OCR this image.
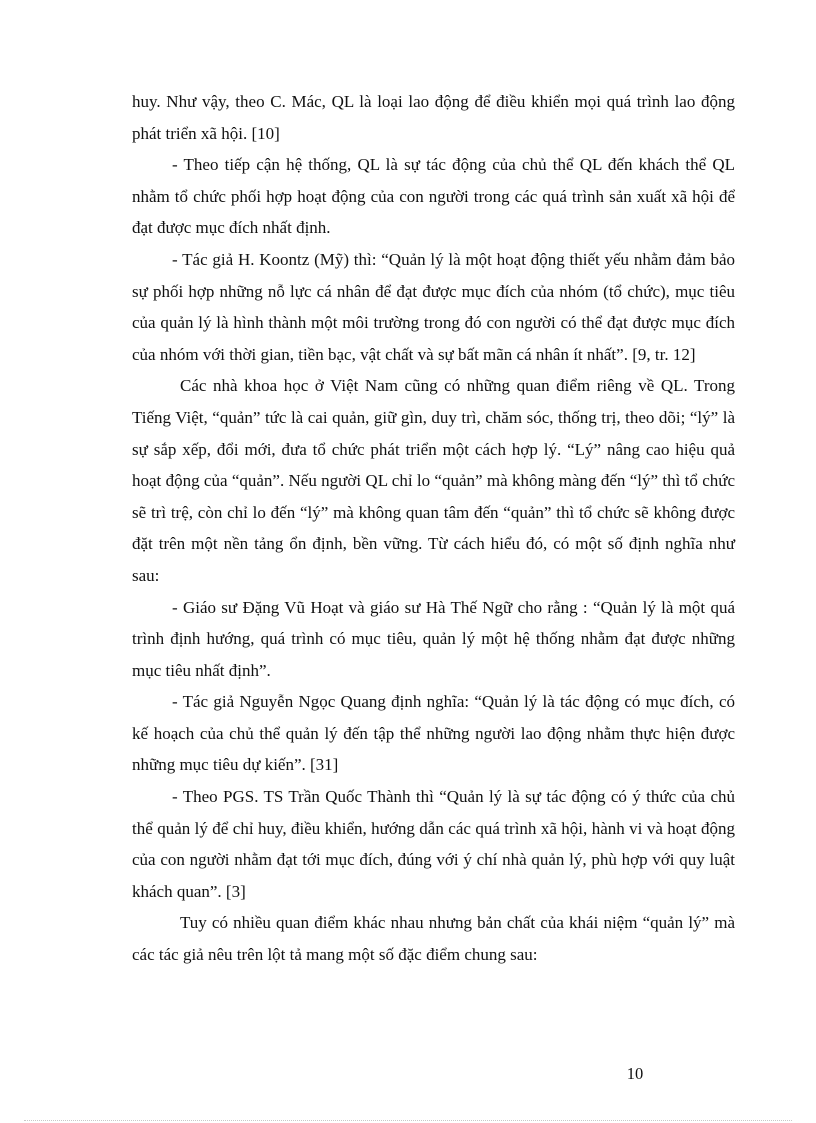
huy. Như vậy, theo C. Mác, QL là loại lao động để điều khiển mọi quá trình lao động phát triển xã hội. [10]

- Theo tiếp cận hệ thống, QL là sự tác động của chủ thể QL đến khách thể QL nhằm tổ chức phối hợp hoạt động của con người trong các quá trình sản xuất xã hội để đạt được mục đích nhất định.

- Tác giả H. Koontz (Mỹ) thì: “Quản lý là một hoạt động thiết yếu nhằm đảm bảo sự phối hợp những nỗ lực cá nhân để đạt được mục đích của nhóm (tổ chức), mục tiêu của quản lý là hình thành một môi trường trong đó con người có thể đạt được mục đích của nhóm với thời gian, tiền bạc, vật chất và sự bất mãn cá nhân ít nhất”. [9, tr. 12]

Các nhà khoa học ở Việt Nam cũng có những quan điểm riêng về QL. Trong Tiếng Việt, “quản” tức là cai quản, giữ gìn, duy trì, chăm sóc, thống trị, theo dõi; “lý” là sự sắp xếp, đổi mới, đưa tổ chức phát triển một cách hợp lý. “Lý” nâng cao hiệu quả hoạt động của “quản”. Nếu người QL chỉ lo “quản” mà không màng đến “lý” thì tổ chức sẽ trì trệ, còn chỉ lo đến “lý” mà không quan tâm đến “quản” thì tổ chức sẽ không được đặt trên một nền tảng ổn định, bền vững. Từ cách hiểu đó, có một số định nghĩa như sau:

- Giáo sư Đặng Vũ Hoạt và giáo sư Hà Thế Ngữ cho rằng : “Quản lý là một quá trình định hướng, quá trình có mục tiêu, quản lý một hệ thống nhằm đạt được những mục tiêu nhất định”.

- Tác giả Nguyễn Ngọc Quang định nghĩa: “Quản lý là tác động có mục đích, có kế hoạch của chủ thể quản lý đến tập thể những người lao động nhằm thực hiện được những mục tiêu dự kiến”. [31]

- Theo PGS. TS Trần Quốc Thành thì “Quản lý là sự tác động có ý thức của chủ thể quản lý để chỉ huy, điều khiển, hướng dẫn các quá trình xã hội, hành vi và hoạt động của con người nhằm đạt tới mục đích, đúng với ý chí nhà quản lý, phù hợp với quy luật khách quan”. [3]

Tuy có nhiều quan điểm khác nhau nhưng bản chất của khái niệm “quản lý” mà các tác giả nêu trên lột tả mang một số đặc điểm chung sau:

10
